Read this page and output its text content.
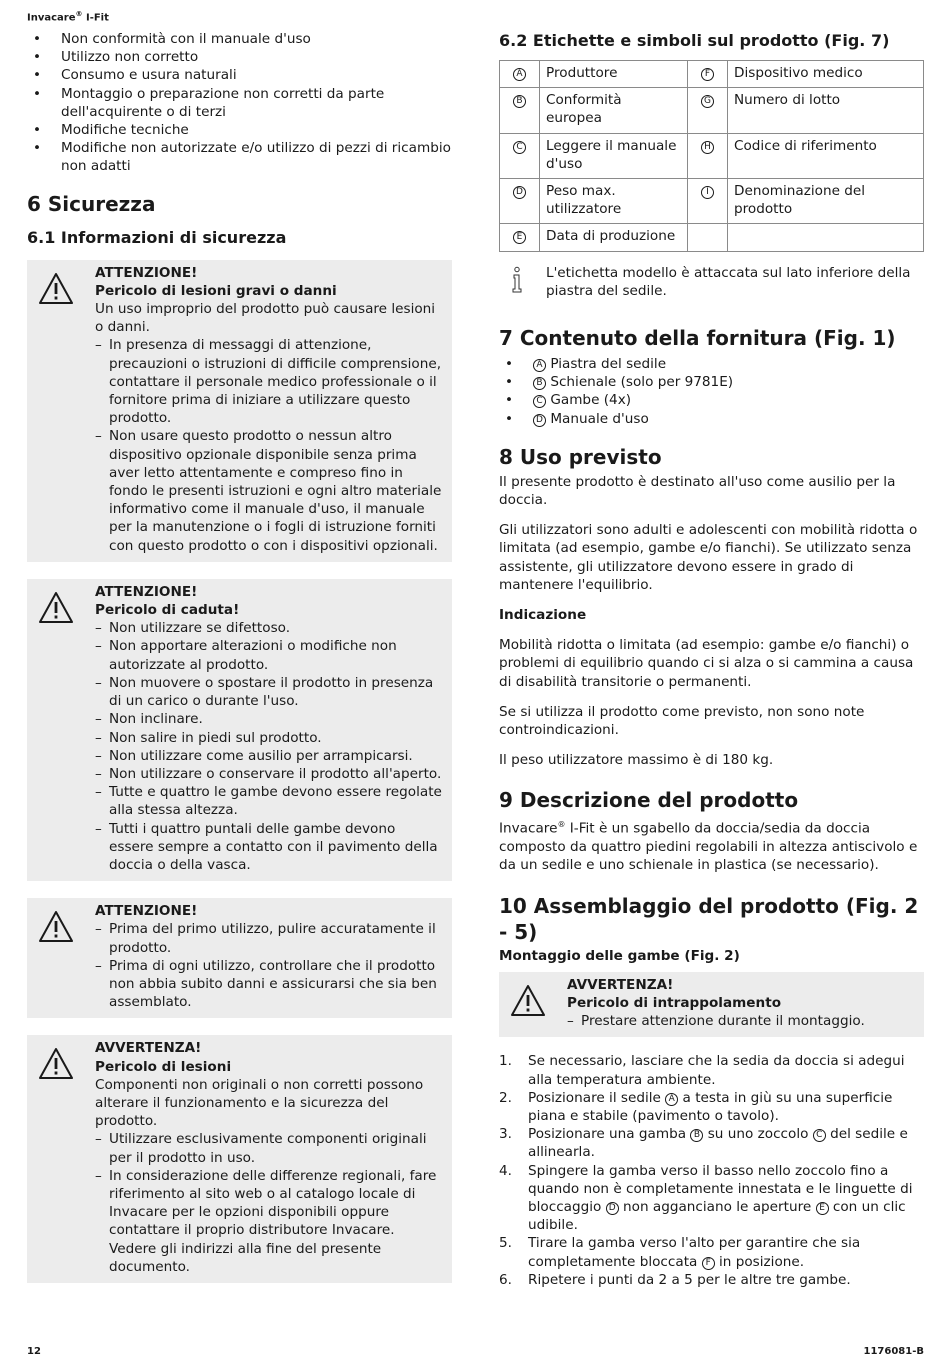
Invacare® I-Fit
• Non conformità con il manuale d'uso
• Utilizzo non corretto
• Consumo e usura naturali
• Montaggio o preparazione non corretti da parte dell'acquirente o di terzi
• Modifiche tecniche
• Modifiche non autorizzate e/o utilizzo di pezzi di ricambio non adatti
6 Sicurezza
6.1 Informazioni di sicurezza
ATTENZIONE!
Pericolo di lesioni gravi o danni
Un uso improprio del prodotto può causare lesioni o danni.
– In presenza di messaggi di attenzione, precauzioni o istruzioni di difficile comprensione, contattare il personale medico professionale o il fornitore prima di iniziare a utilizzare questo prodotto.
– Non usare questo prodotto o nessun altro dispositivo opzionale disponibile senza prima aver letto attentamente e compreso fino in fondo le presenti istruzioni e ogni altro materiale informativo come il manuale d'uso, il manuale per la manutenzione o i fogli di istruzione forniti con questo prodotto o con i dispositivi opzionali.
ATTENZIONE!
Pericolo di caduta!
– Non utilizzare se difettoso.
– Non apportare alterazioni o modifiche non autorizzate al prodotto.
– Non muovere o spostare il prodotto in presenza di un carico o durante l'uso.
– Non inclinare.
– Non salire in piedi sul prodotto.
– Non utilizzare come ausilio per arrampicarsi.
– Non utilizzare o conservare il prodotto all'aperto.
– Tutte e quattro le gambe devono essere regolate alla stessa altezza.
– Tutti i quattro puntali delle gambe devono essere sempre a contatto con il pavimento della doccia o della vasca.
ATTENZIONE!
– Prima del primo utilizzo, pulire accuratamente il prodotto.
– Prima di ogni utilizzo, controllare che il prodotto non abbia subito danni e assicurarsi che sia ben assemblato.
AVVERTENZA!
Pericolo di lesioni
Componenti non originali o non corretti possono alterare il funzionamento e la sicurezza del prodotto.
– Utilizzare esclusivamente componenti originali per il prodotto in uso.
– In considerazione delle differenze regionali, fare riferimento al sito web o al catalogo locale di Invacare per le opzioni disponibili oppure contattare il proprio distributore Invacare. Vedere gli indirizzi alla fine del presente documento.
6.2 Etichette e simboli sul prodotto (Fig. 7)
A	Produttore	F	Dispositivo medico
B	Conformità europea	G	Numero di lotto
C	Leggere il manuale d'uso	H	Codice di riferimento
D	Peso max. utilizzatore	I	Denominazione del prodotto
E	Data di produzione		

L'etichetta modello è attaccata sul lato inferiore della piastra del sedile.

7 Contenuto della fornitura (Fig. 1)
• A Piastra del sedile
• B Schienale (solo per 9781E)
• C Gambe (4x)
• D Manuale d'uso
8 Uso previsto

Il presente prodotto è destinato all'uso come ausilio per la doccia.

Gli utilizzatori sono adulti e adolescenti con mobilità ridotta o limitata (ad esempio, gambe e/o fianchi). Se utilizzato senza assistente, gli utilizzatore devono essere in grado di mantenere l'equilibrio.

Indicazione

Mobilità ridotta o limitata (ad esempio: gambe e/o fianchi) o problemi di equilibrio quando ci si alza o si cammina a causa di disabilità transitorie o permanenti.

Se si utilizza il prodotto come previsto, non sono note controindicazioni.

Il peso utilizzatore massimo è di 180 kg.

9 Descrizione del prodotto

Invacare® I-Fit è un sgabello da doccia/sedia da doccia composto da quattro piedini regolabili in altezza antiscivolo e da un sedile e uno schienale in plastica (se necessario).

10 Assemblaggio del prodotto (Fig. 2 - 5)
Montaggio delle gambe (Fig. 2)
AVVERTENZA!
Pericolo di intrappolamento
– Prestare attenzione durante il montaggio.
1. Se necessario, lasciare che la sedia da doccia si adegui alla temperatura ambiente.
2. Posizionare il sedile A a testa in giù su una superficie piana e stabile (pavimento o tavolo).
3. Posizionare una gamba B su uno zoccolo C del sedile e allinearla.
4. Spingere la gamba verso il basso nello zoccolo fino a quando non è completamente innestata e le linguette di bloccaggio D non agganciano le aperture E con un clic udibile.
5. Tirare la gamba verso l'alto per garantire che sia completamente bloccata F in posizione.
6. Ripetere i punti da 2 a 5 per le altre tre gambe.
12	1176081-B
